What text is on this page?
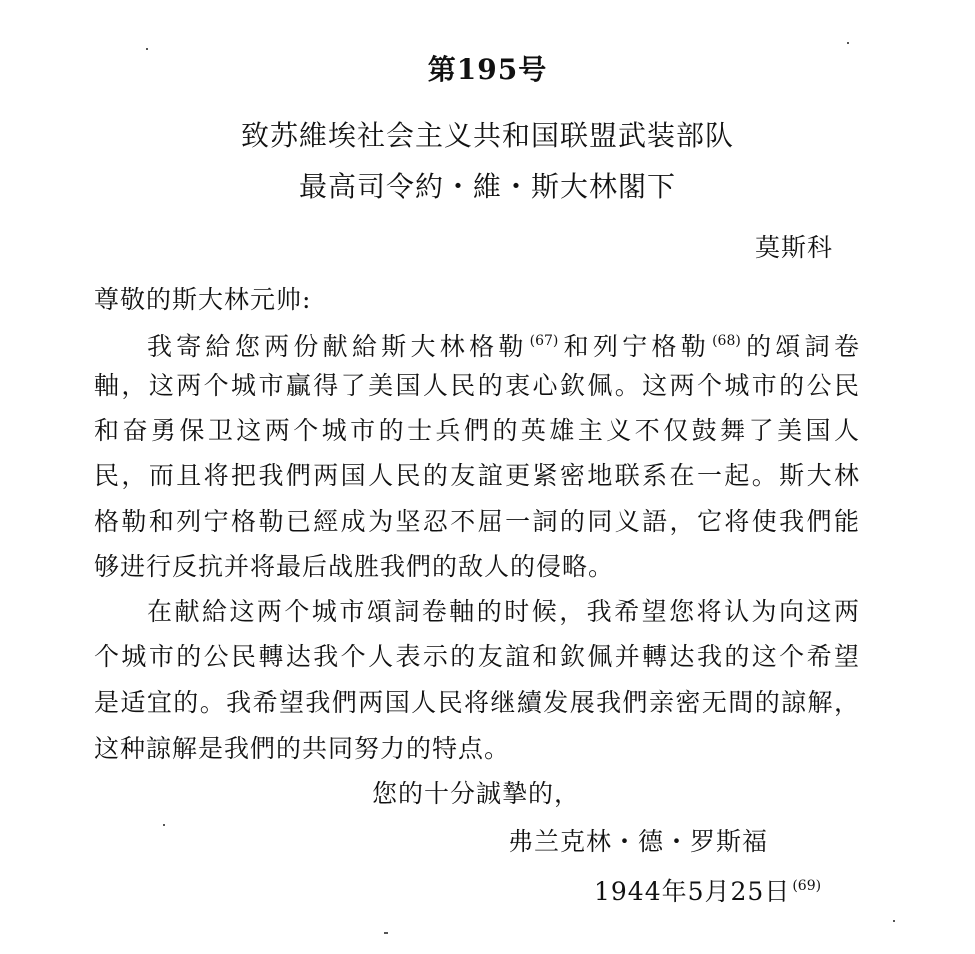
第195号
致苏維埃社会主义共和国联盟武装部队
最高司令約・維・斯大林閣下
莫斯科
尊敬的斯大林元帅:
我寄給您两份献給斯大林格勒 $^{(67)}$和列宁格勒 $^{(68)}$的頌詞卷
軸，这两个城市贏得了美国人民的衷心欽佩。这两个城市的公民
和奋勇保卫这两个城市的士兵們的英雄主义不仅鼓舞了美国人
民，而且将把我們两国人民的友誼更紧密地联系在一起。斯大林
格勒和列宁格勒已經成为坚忍不屈一詞的同义語，它将使我們能
够进行反抗并将最后战胜我們的敌人的侵略。
在献給这两个城市頌詞卷軸的时候，我希望您将认为向这两
个城市的公民轉达我个人表示的友誼和欽佩并轉达我的这个希望
是适宜的。我希望我們两国人民将继續发展我們亲密无間的諒解，
这种諒解是我們的共同努力的特点。
您的十分誠摯的，
弗兰克林・德・罗斯福
1944年5月25日 $^{(69)}$
